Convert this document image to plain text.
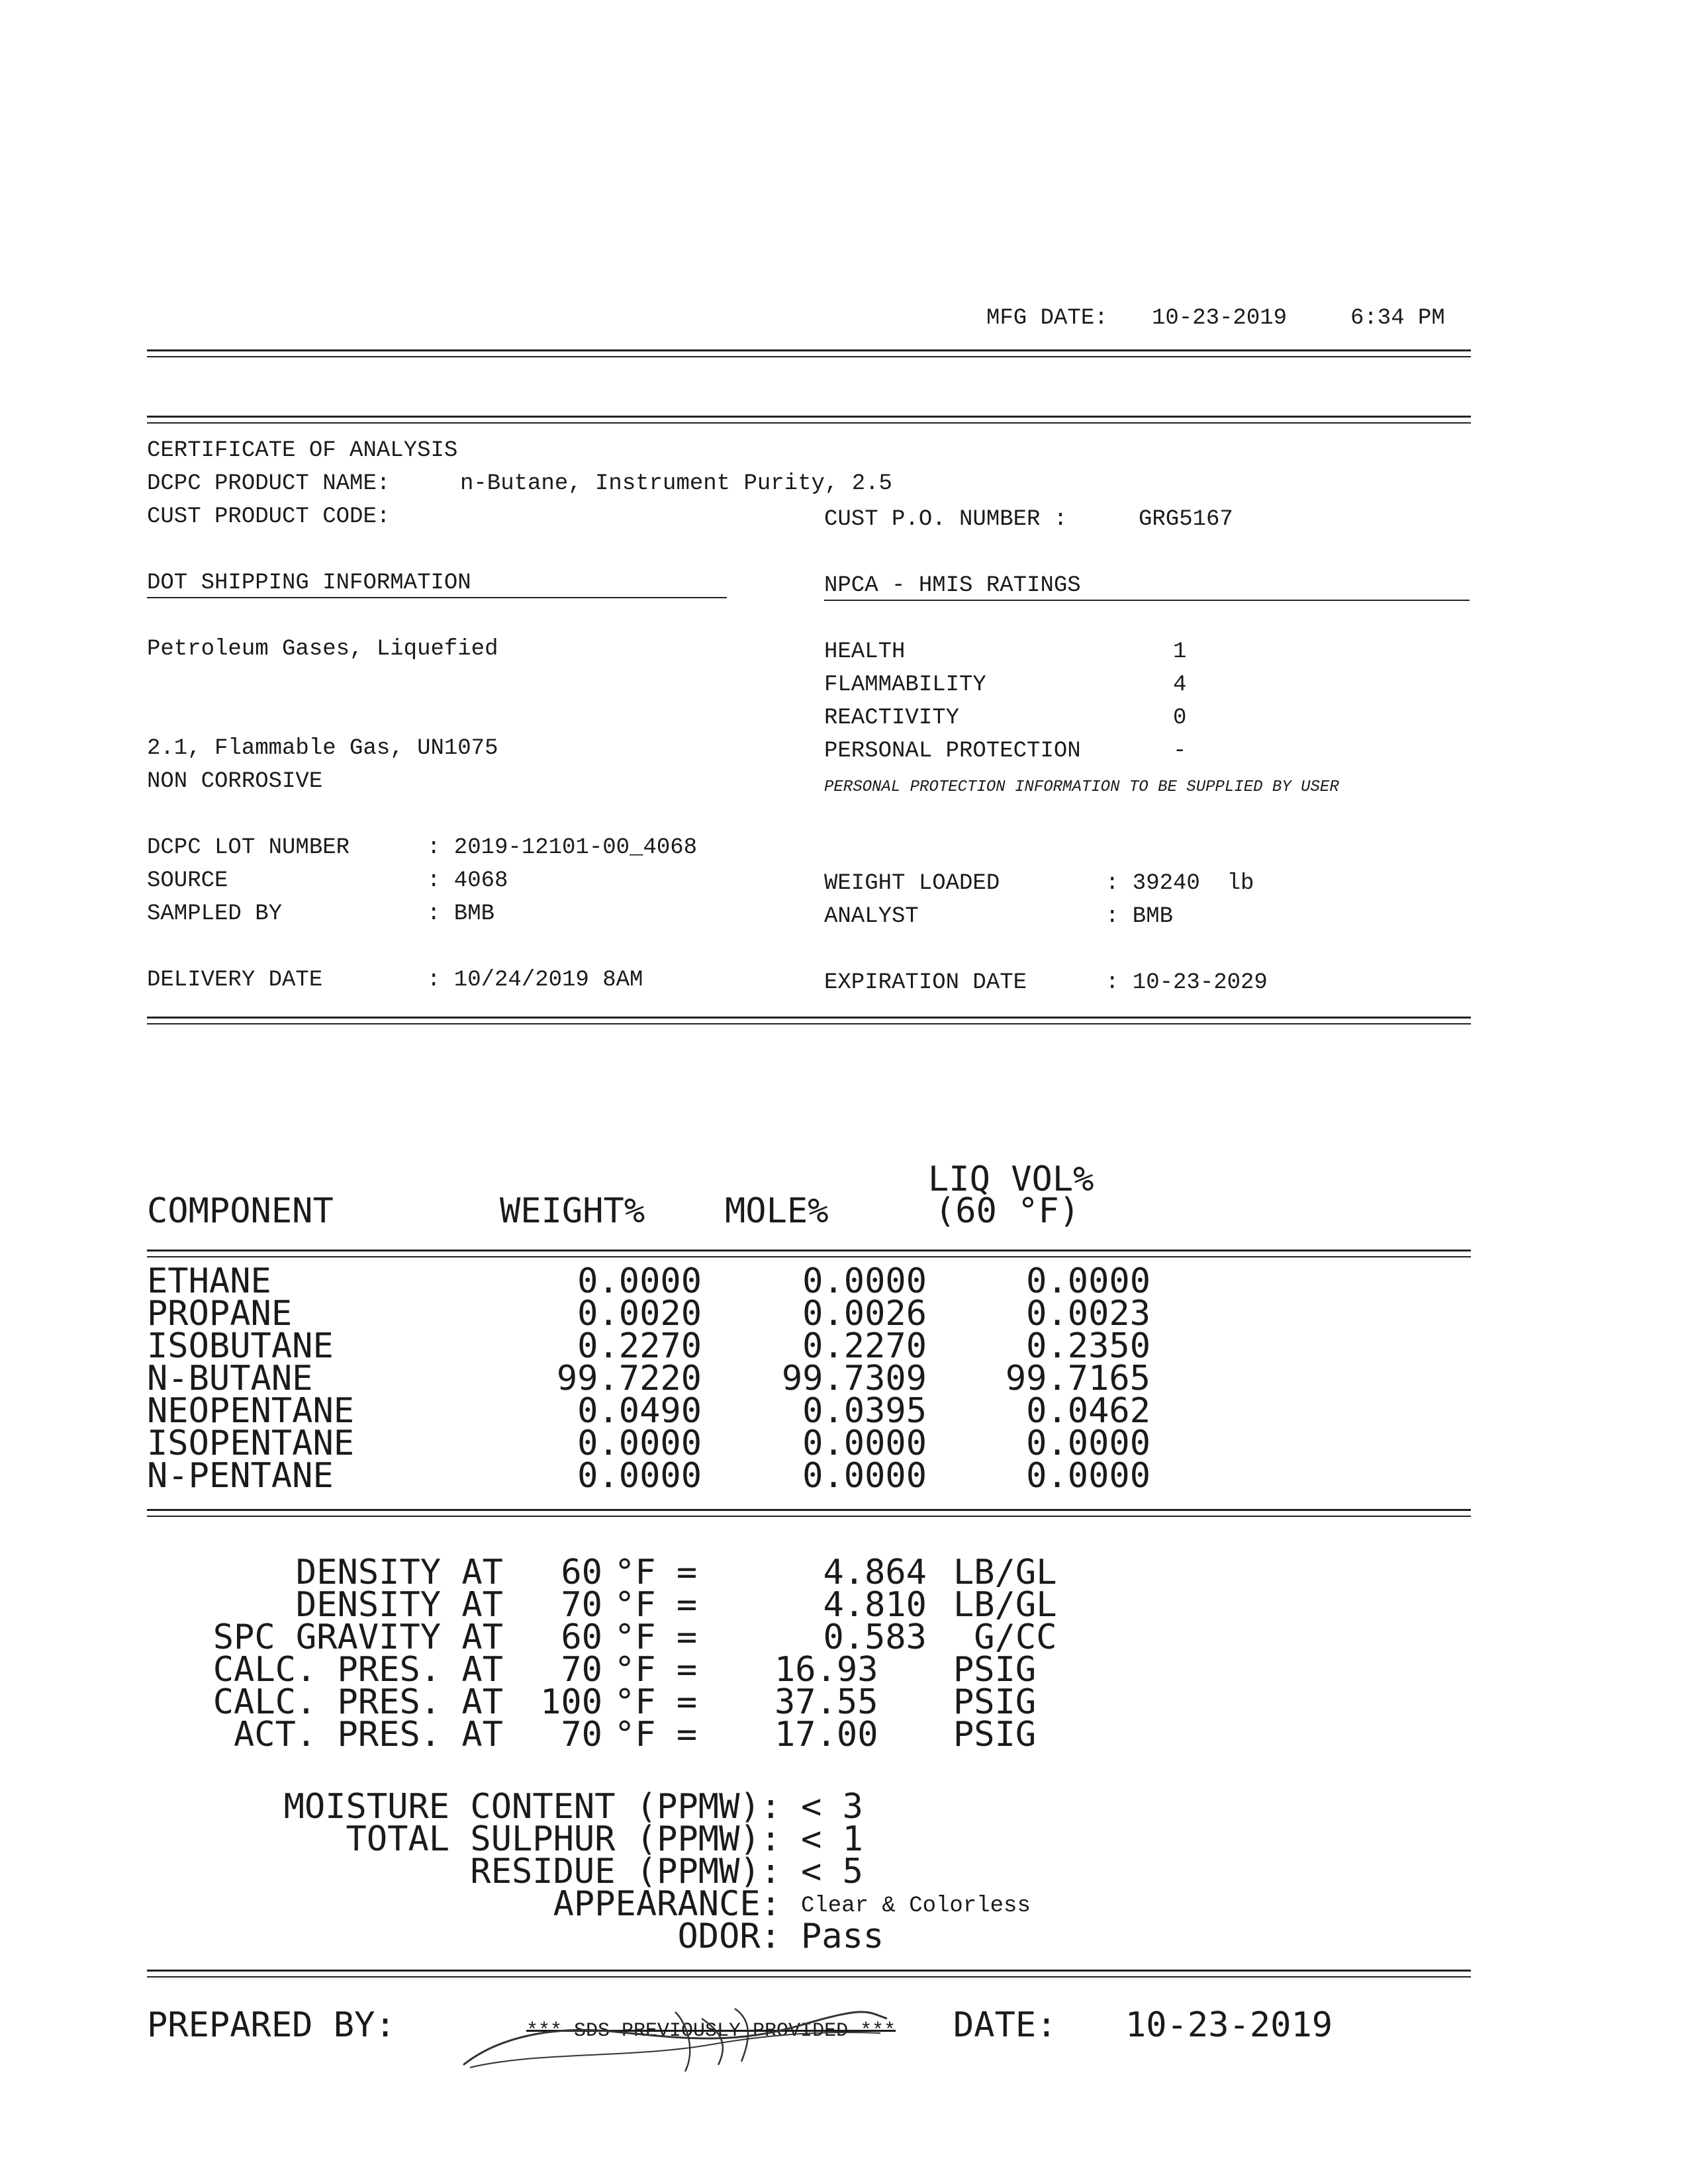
MFG DATE: 10-23-2019	6:34 PM
CERTIFICATE OF ANALYSIS
DCPC PRODUCT NAME:	n-Butane, Instrument Purity, 2.5
CUST PRODUCT CODE:	CUST P.O. NUMBER :	GRG5167
DOT SHIPPING INFORMATION	NPCA - HMIS RATINGS
Petroleum Gases, Liquefied
2.1, Flammable Gas, UN1075
NON CORROSIVE
HEALTH	1
FLAMMABILITY	4
REACTIVITY	0
PERSONAL PROTECTION	-
PERSONAL PROTECTION INFORMATION TO BE SUPPLIED BY USER
DCPC LOT NUMBER	: 2019-12101-00_4068
SOURCE	: 4068
SAMPLED BY	: BMB
DELIVERY DATE	: 10/24/2019 8AM
WEIGHT LOADED	: 39240  lb
ANALYST	: BMB
EXPIRATION DATE	: 10-23-2029
COMPONENT	WEIGHT% MOLE%
LIQ VOL%
(60 °F)
ETHANE	0.0000	0.0000	0.0000
PROPANE	0.0020	0.0026	0.0023
ISOBUTANE	0.2270	0.2270	0.2350
N-BUTANE	99.7220	99.7309	99.7165
NEOPENTANE	0.0490	0.0395	0.0462
ISOPENTANE	0.0000	0.0000	0.0000
N-PENTANE	0.0000	0.0000	0.0000
DENSITY AT	60 °F =	4.864 LB/GL
DENSITY AT	70 °F =	4.810 LB/GL
SPC GRAVITY AT	60 °F =	0.583 G/CC
CALC. PRES. AT	70 °F = 16.93 PSIG
CALC. PRES. AT	100 °F = 37.55 PSIG
ACT. PRES. AT	70 °F = 17.00 PSIG
MOISTURE CONTENT (PPMW): < 3
TOTAL SULPHUR (PPMW): < 1
RESIDUE (PPMW): < 5
APPEARANCE: Clear & Colorless
ODOR: Pass
PREPARED BY:	*** SDS PREVIOUSLY PROVIDED *** DATE: 10-23-2019
